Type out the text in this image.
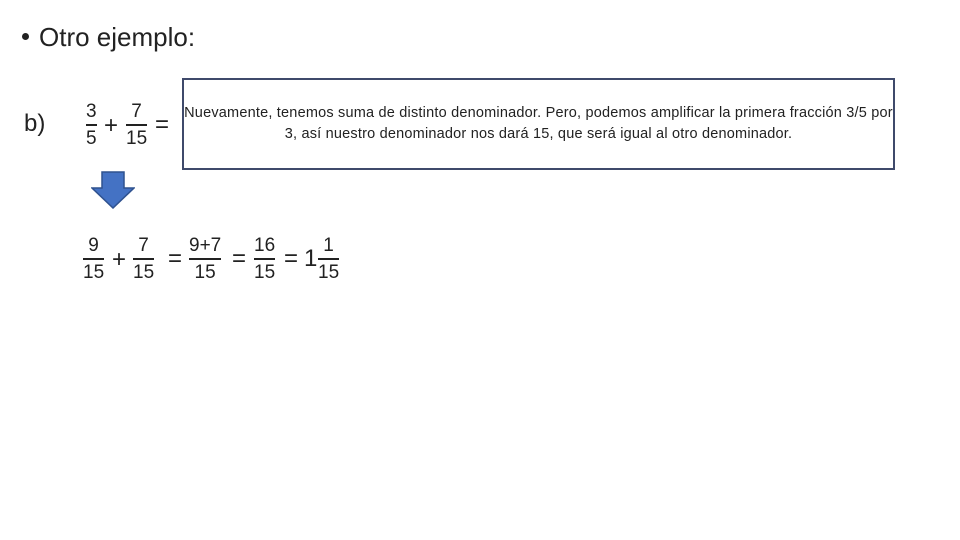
Otro ejemplo:
b) 3
5 +
7
15
= Nuevamente, tenemos suma de distinto denominador. Pero, podemos amplificar la primera fracción 3/5 por 3, así nuestro denominador nos dará 15, que será igual al otro denominador.

9
15 +
7
15
= 9+7
15
= 16
15
= 1 1
15
